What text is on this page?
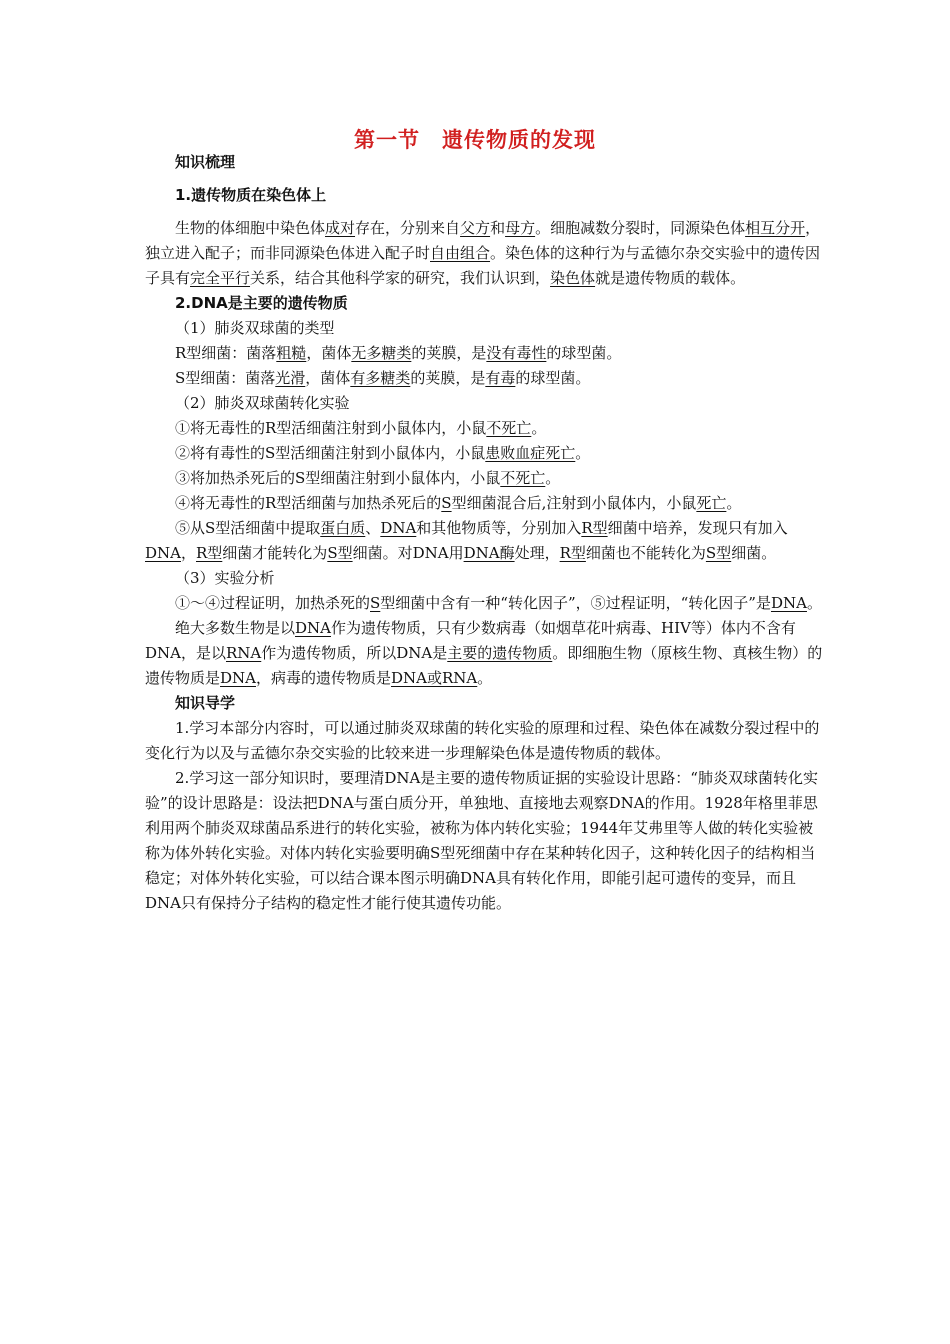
第一节　遗传物质的发现

知识梳理

1.遗传物质在染色体上

生物的体细胞中染色体成对存在，分别来自父方和母方。细胞减数分裂时，同源染色体相互分开，独立进入配子；而非同源染色体进入配子时自由组合。染色体的这种行为与孟德尔杂交实验中的遗传因子具有完全平行关系，结合其他科学家的研究，我们认识到，染色体就是遗传物质的载体。

2.DNA是主要的遗传物质

（1）肺炎双球菌的类型

R型细菌：菌落粗糙，菌体无多糖类的荚膜，是没有毒性的球型菌。

S型细菌：菌落光滑，菌体有多糖类的荚膜，是有毒的球型菌。

（2）肺炎双球菌转化实验

①将无毒性的R型活细菌注射到小鼠体内，小鼠不死亡。

②将有毒性的S型活细菌注射到小鼠体内，小鼠患败血症死亡。

③将加热杀死后的S型细菌注射到小鼠体内，小鼠不死亡。

④将无毒性的R型活细菌与加热杀死后的S型细菌混合后,注射到小鼠体内，小鼠死亡。

⑤从S型活细菌中提取蛋白质、DNA和其他物质等，分别加入R型细菌中培养，发现只有加入DNA，R型细菌才能转化为S型细菌。对DNA用DNA酶处理，R型细菌也不能转化为S型细菌。

（3）实验分析

①～④过程证明，加热杀死的S型细菌中含有一种“转化因子”，⑤过程证明，“转化因子”是DNA。

绝大多数生物是以DNA作为遗传物质，只有少数病毒（如烟草花叶病毒、HIV等）体内不含有DNA，是以RNA作为遗传物质，所以DNA是主要的遗传物质。即细胞生物（原核生物、真核生物）的遗传物质是DNA，病毒的遗传物质是DNA或RNA。

知识导学

1.学习本部分内容时，可以通过肺炎双球菌的转化实验的原理和过程、染色体在减数分裂过程中的变化行为以及与孟德尔杂交实验的比较来进一步理解染色体是遗传物质的载体。

2.学习这一部分知识时，要理清DNA是主要的遗传物质证据的实验设计思路：“肺炎双球菌转化实验”的设计思路是：设法把DNA与蛋白质分开，单独地、直接地去观察DNA的作用。1928年格里菲思利用两个肺炎双球菌品系进行的转化实验，被称为体内转化实验；1944年艾弗里等人做的转化实验被称为体外转化实验。对体内转化实验要明确S型死细菌中存在某种转化因子，这种转化因子的结构相当稳定；对体外转化实验，可以结合课本图示明确DNA具有转化作用，即能引起可遗传的变异，而且DNA只有保持分子结构的稳定性才能行使其遗传功能。
